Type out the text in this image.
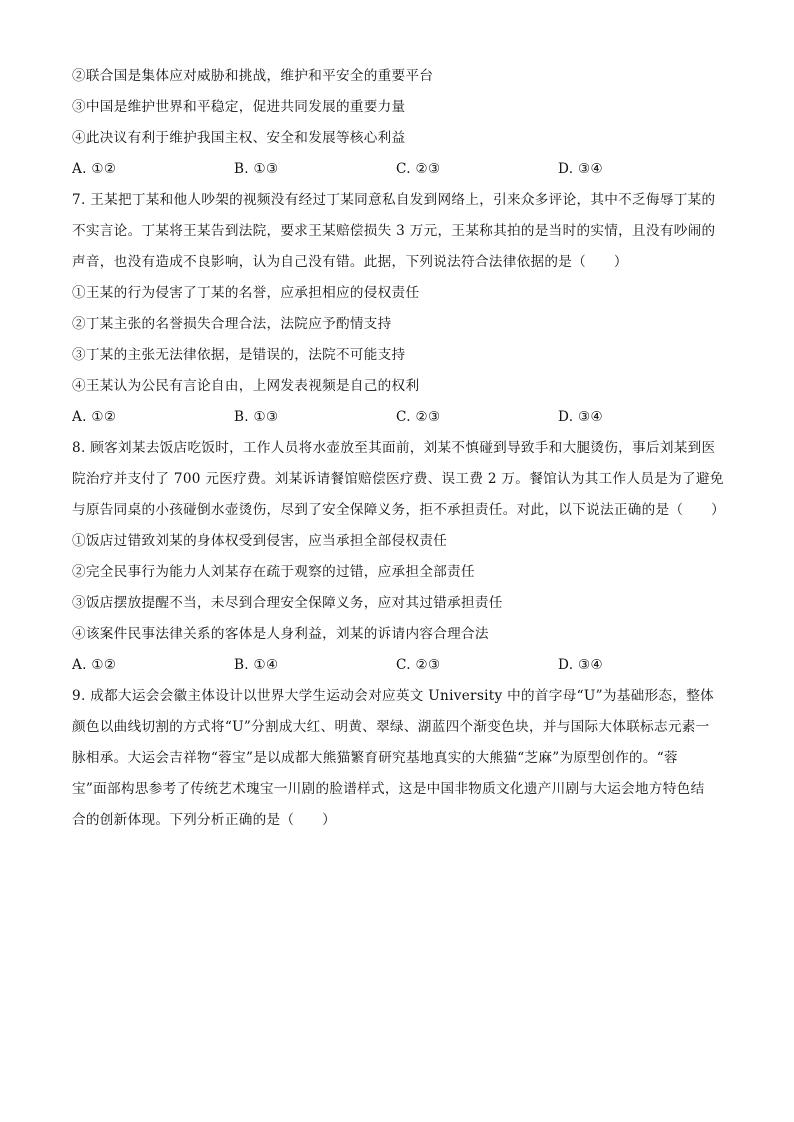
②联合国是集体应对威胁和挑战，维护和平安全的重要平台
③中国是维护世界和平稳定，促进共同发展的重要力量
④此决议有利于维护我国主权、安全和发展等核心利益
A. ①②	B. ①③	C. ②③	D. ③④
7. 王某把丁某和他人吵架的视频没有经过丁某同意私自发到网络上，引来众多评论，其中不乏侮辱丁某的
不实言论。丁某将王某告到法院，要求王某赔偿损失 3 万元，王某称其拍的是当时的实情，且没有吵闹的
声音，也没有造成不良影响，认为自己没有错。此据，下列说法符合法律依据的是（　　）
①王某的行为侵害了丁某的名誉，应承担相应的侵权责任
②丁某主张的名誉损失合理合法，法院应予酌情支持
③丁某的主张无法律依据，是错误的，法院不可能支持
④王某认为公民有言论自由，上网发表视频是自己的权利
A. ①②	B. ①③	C. ②③	D. ③④
8. 顾客刘某去饭店吃饭时，工作人员将水壶放至其面前，刘某不慎碰到导致手和大腿烫伤，事后刘某到医
院治疗并支付了 700 元医疗费。刘某诉请餐馆赔偿医疗费、误工费 2 万。餐馆认为其工作人员是为了避免
与原告同桌的小孩碰倒水壶烫伤，尽到了安全保障义务，拒不承担责任。对此，以下说法正确的是（　　）
①饭店过错致刘某的身体权受到侵害，应当承担全部侵权责任
②完全民事行为能力人刘某存在疏于观察的过错，应承担全部责任
③饭店摆放提醒不当，未尽到合理安全保障义务，应对其过错承担责任
④该案件民事法律关系的客体是人身利益，刘某的诉请内容合理合法
A. ①②	B. ①④	C. ②③	D. ③④
9. 成都大运会会徽主体设计以世界大学生运动会对应英文 University 中的首字母“U”为基础形态，整体
颜色以曲线切割的方式将“U”分割成大红、明黄、翠绿、湖蓝四个渐变色块，并与国际大体联标志元素一
脉相承。大运会吉祥物“蓉宝”是以成都大熊猫繁育研究基地真实的大熊猫“芝麻”为原型创作的。“蓉
宝”面部构思参考了传统艺术瑰宝一川剧的脸谱样式，这是中国非物质文化遗产川剧与大运会地方特色结
合的创新体现。下列分析正确的是（　　）
